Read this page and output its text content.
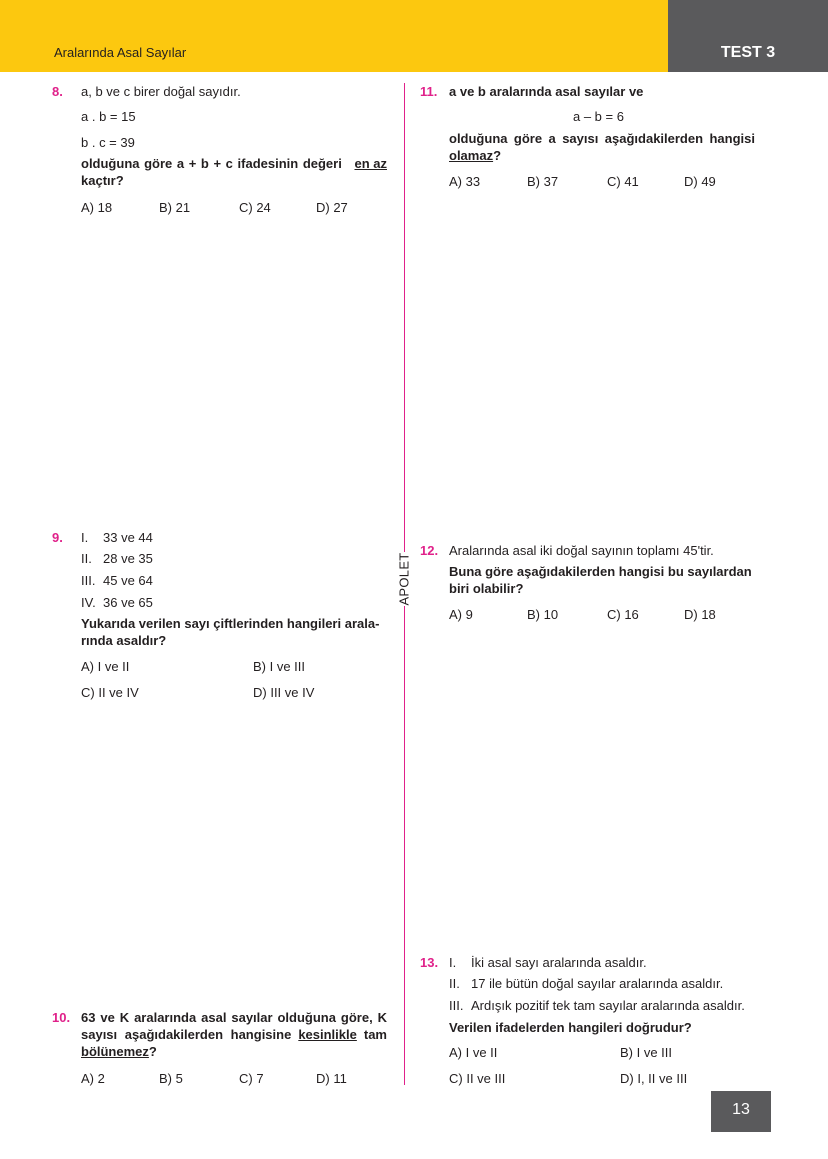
Aralarında Asal Sayılar	TEST 3
APOLET
8. a, b ve c birer doğal sayıdır.
a . b = 15
b . c = 39
olduğuna göre a + b + c ifadesinin değeri en az
kaçtır?
A) 18	B) 21	C) 24	D) 27
9. I. 33 ve 44
II. 28 ve 35
III. 45 ve 64
IV. 36 ve 65
Yukarıda verilen sayı çiftlerinden hangileri arala-
rında asaldır?
A) I ve II	B) I ve III
C) II ve IV	D) III ve IV
10. 63 ve K aralarında asal sayılar olduğuna göre, K
sayısı aşağıdakilerden hangisine kesinlikle tam
bölünemez?
A) 2	B) 5	C) 7	D) 11
11. a ve b aralarında asal sayılar ve
a – b = 6
olduğuna göre a sayısı aşağıdakilerden hangisi
olamaz?
A) 33	B) 37	C) 41	D) 49
12. Aralarında asal iki doğal sayının toplamı 45'tir.
Buna göre aşağıdakilerden hangisi bu sayılardan
biri olabilir?
A) 9	B) 10	C) 16	D) 18
13. I. İki asal sayı aralarında asaldır.
II. 17 ile bütün doğal sayılar aralarında asaldır.
III. Ardışık pozitif tek tam sayılar aralarında asaldır.
Verilen ifadelerden hangileri doğrudur?
A) I ve II	B) I ve III
C) II ve III	D) I, II ve III
13
